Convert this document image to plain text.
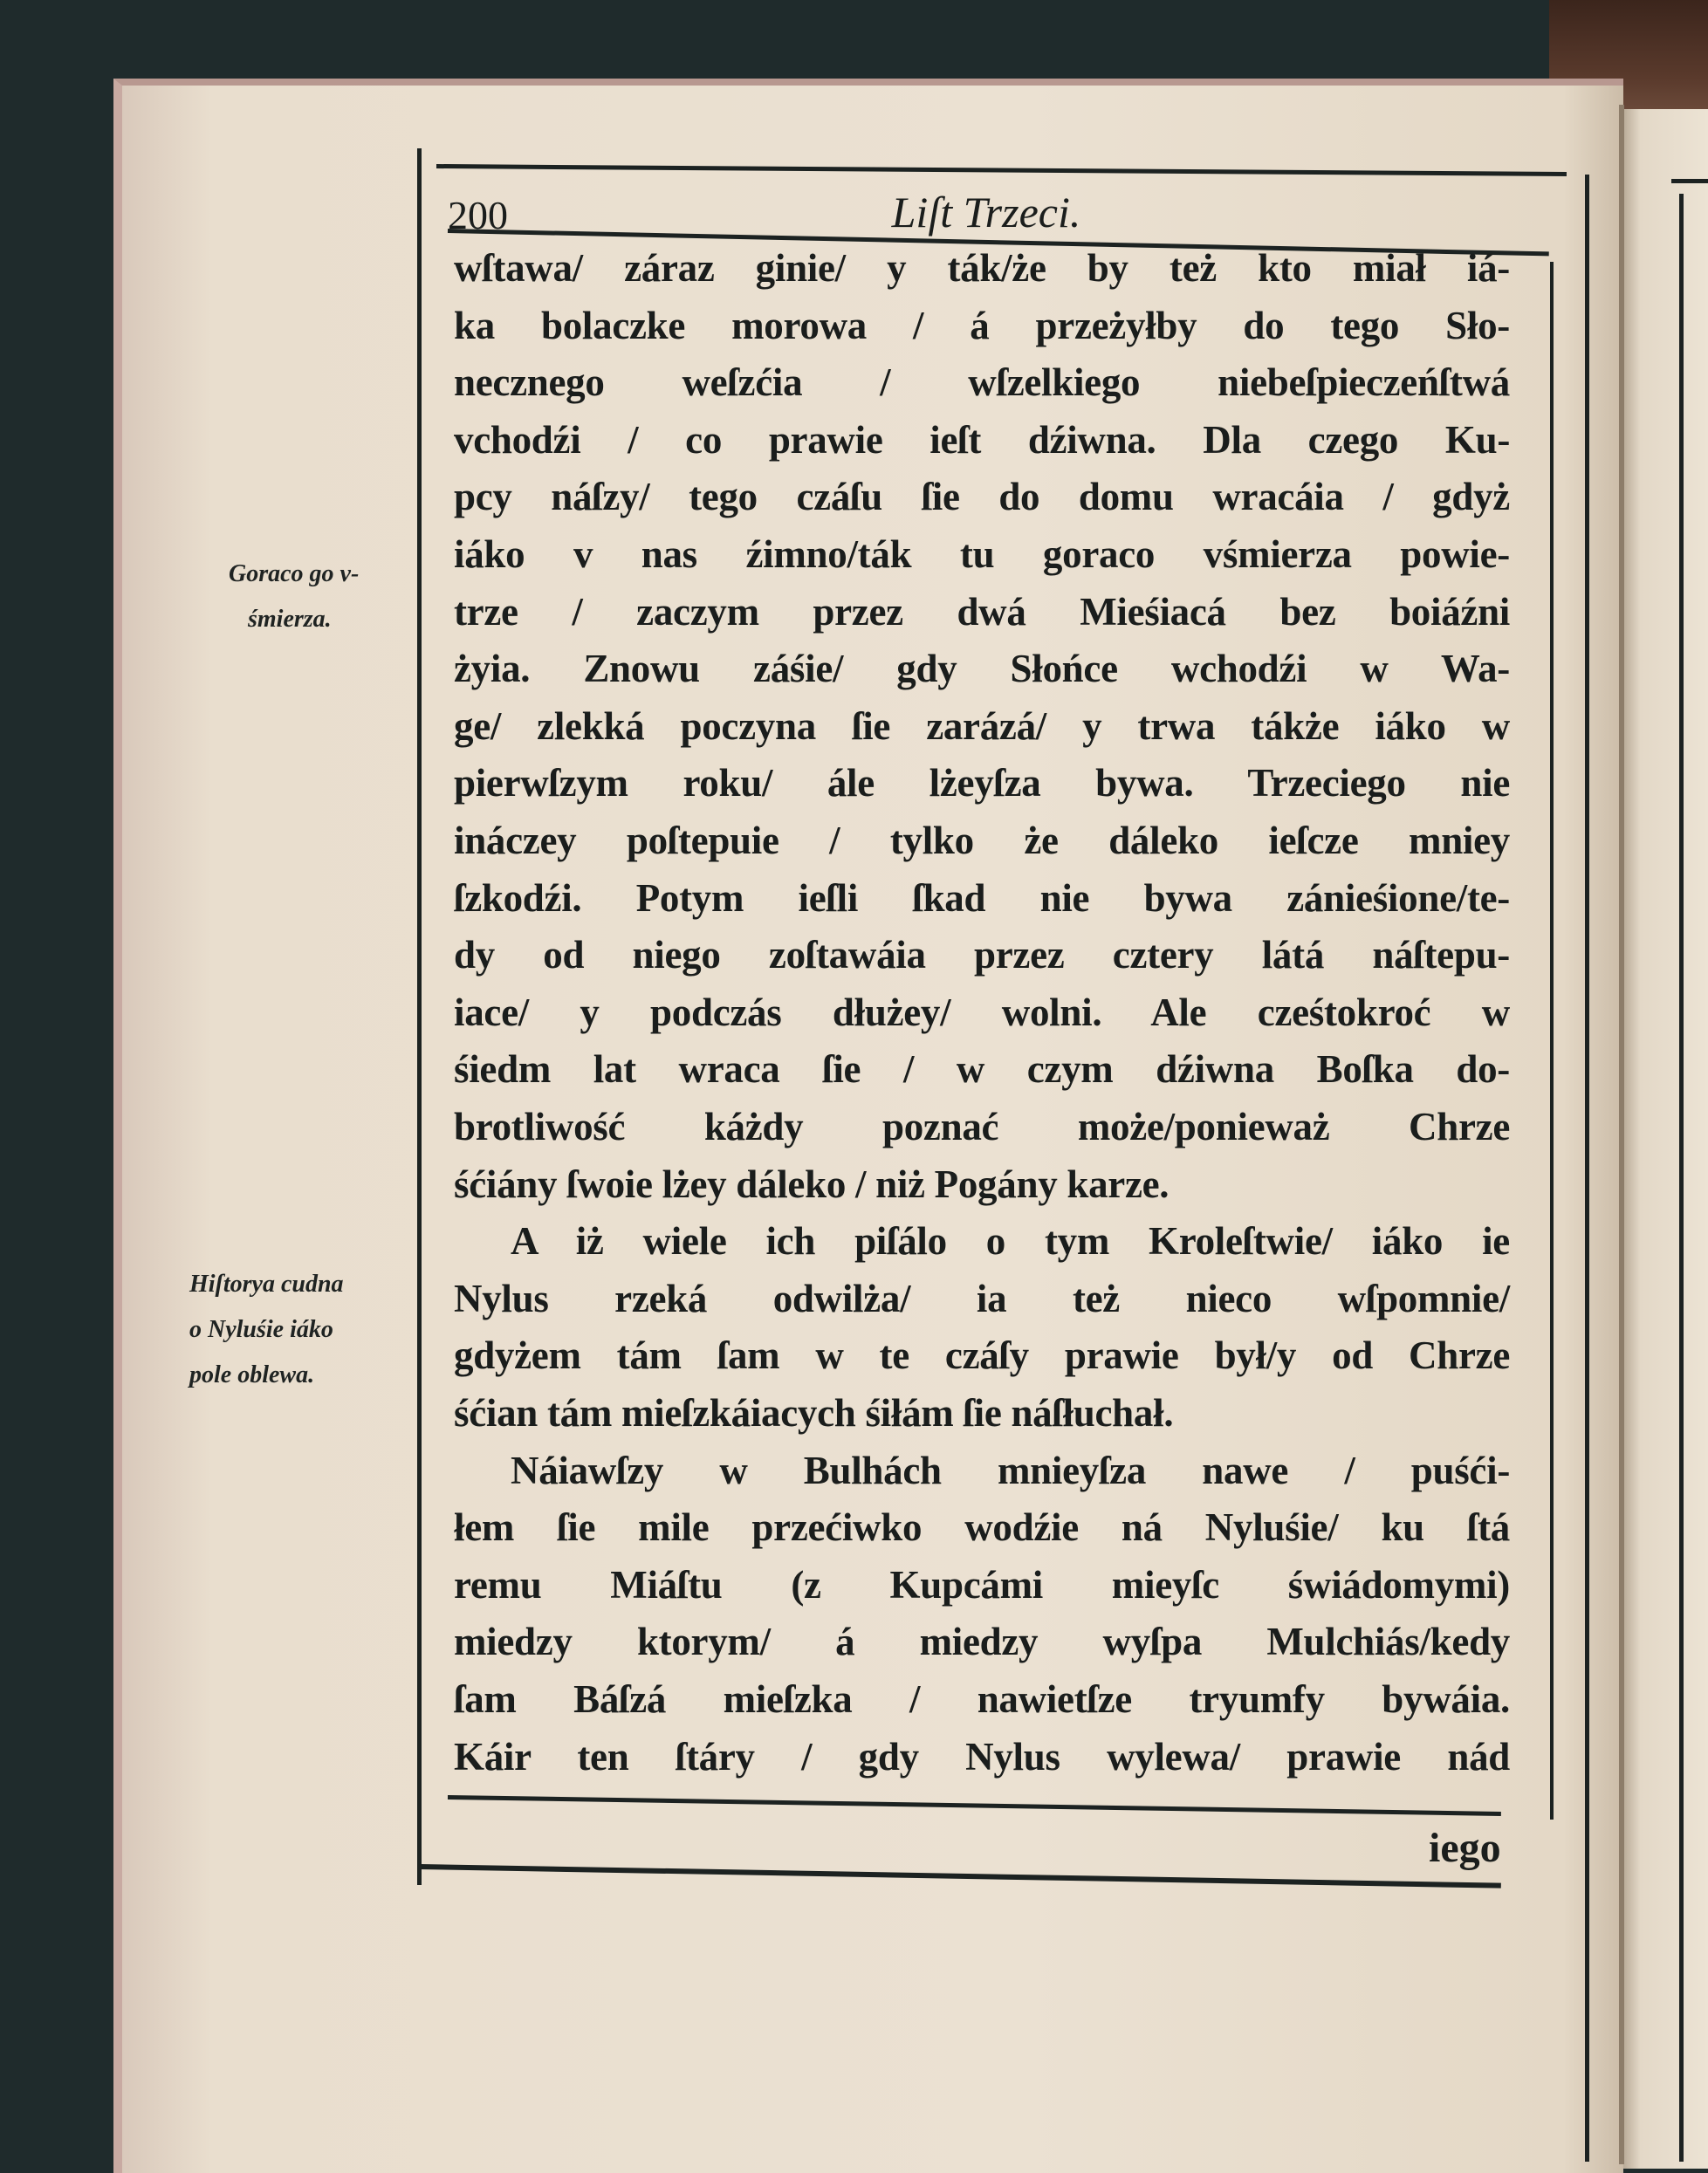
200	Liſt Trzeci.
Goraco go v-
śmierza.
Hiſtorya cudna
o Nyluśie iáko
pole oblewa.
wſtawa/ záraz ginie/ y ták/że by też kto miał iá-
ka bolaczke morowa / á przeżyłby do tego Sło-
necznego weſzćia / wſzelkiego niebeſpieczeńſtwá
vchodźi / co prawie ieſt dźiwna. Dla czego Ku-
pcy náſzy/ tego czáſu ſie do domu wracáia / gdyż
iáko v nas źimno/ták tu goraco vśmierza powie-
trze / zaczym przez dwá Mieśiacá bez boiáźni
żyia. Znowu záśie/ gdy Słońce wchodźi w Wa-
ge/ zlekká poczyna ſie zarázá/ y trwa tákże iáko w
pierwſzym roku/ ále lżeyſza bywa. Trzeciego nie
ináczey poſtepuie / tylko że dáleko ieſcze mniey
ſzkodźi. Potym ieſli ſkad nie bywa zánieśione/te-
dy od niego zoſtawáia przez cztery látá náſtepu-
iace/ y podczás dłużey/ wolni. Ale cześtokroć w
śiedm lat wraca ſie / w czym dźiwna Boſka do-
brotliwość káżdy poznać może/ponieważ Chrze
śćiány ſwoie lżey dáleko / niż Pogány karze.
A iż wiele ich piſálo o tym Kroleſtwie/ iáko ie
Nylus rzeká odwilża/ ia też nieco wſpomnie/
gdyżem tám ſam w te czáſy prawie był/y od Chrze
śćian tám mieſzkáiacych śiłám ſie náſłuchał.
Náiawſzy w Bulhách mnieyſza nawe / puśći-
łem ſie mile przećiwko wodźie ná Nyluśie/ ku ſtá
remu Miáſtu (z Kupcámi mieyſc świádomymi)
miedzy ktorym/ á miedzy wyſpa Mulchiás/kedy
ſam Báſzá mieſzka / nawietſze tryumfy bywáia.
Káir ten ſtáry / gdy Nylus wylewa/ prawie nád
iego
